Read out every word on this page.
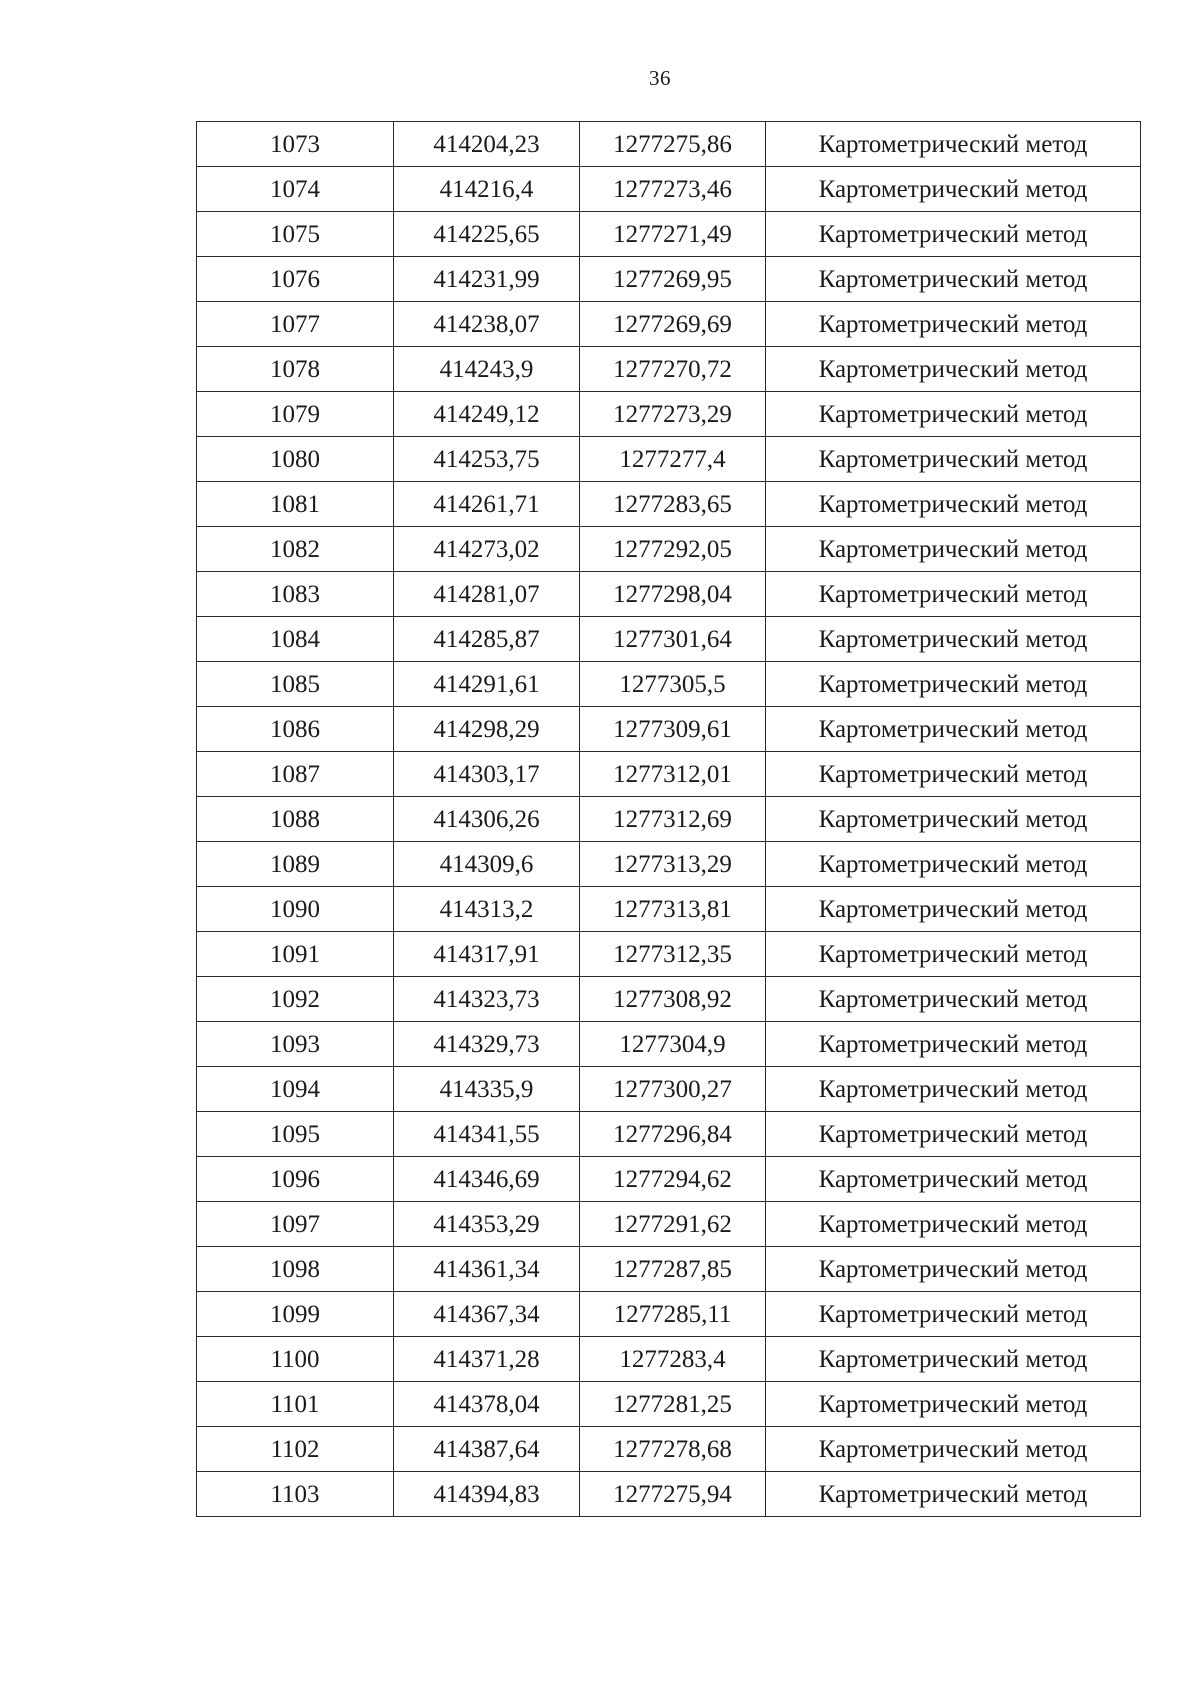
36
1073	414204,23	1277275,86	Картометрический метод
1074	414216,4	1277273,46	Картометрический метод
1075	414225,65	1277271,49	Картометрический метод
1076	414231,99	1277269,95	Картометрический метод
1077	414238,07	1277269,69	Картометрический метод
1078	414243,9	1277270,72	Картометрический метод
1079	414249,12	1277273,29	Картометрический метод
1080	414253,75	1277277,4	Картометрический метод
1081	414261,71	1277283,65	Картометрический метод
1082	414273,02	1277292,05	Картометрический метод
1083	414281,07	1277298,04	Картометрический метод
1084	414285,87	1277301,64	Картометрический метод
1085	414291,61	1277305,5	Картометрический метод
1086	414298,29	1277309,61	Картометрический метод
1087	414303,17	1277312,01	Картометрический метод
1088	414306,26	1277312,69	Картометрический метод
1089	414309,6	1277313,29	Картометрический метод
1090	414313,2	1277313,81	Картометрический метод
1091	414317,91	1277312,35	Картометрический метод
1092	414323,73	1277308,92	Картометрический метод
1093	414329,73	1277304,9	Картометрический метод
1094	414335,9	1277300,27	Картометрический метод
1095	414341,55	1277296,84	Картометрический метод
1096	414346,69	1277294,62	Картометрический метод
1097	414353,29	1277291,62	Картометрический метод
1098	414361,34	1277287,85	Картометрический метод
1099	414367,34	1277285,11	Картометрический метод
1100	414371,28	1277283,4	Картометрический метод
1101	414378,04	1277281,25	Картометрический метод
1102	414387,64	1277278,68	Картометрический метод
1103	414394,83	1277275,94	Картометрический метод
